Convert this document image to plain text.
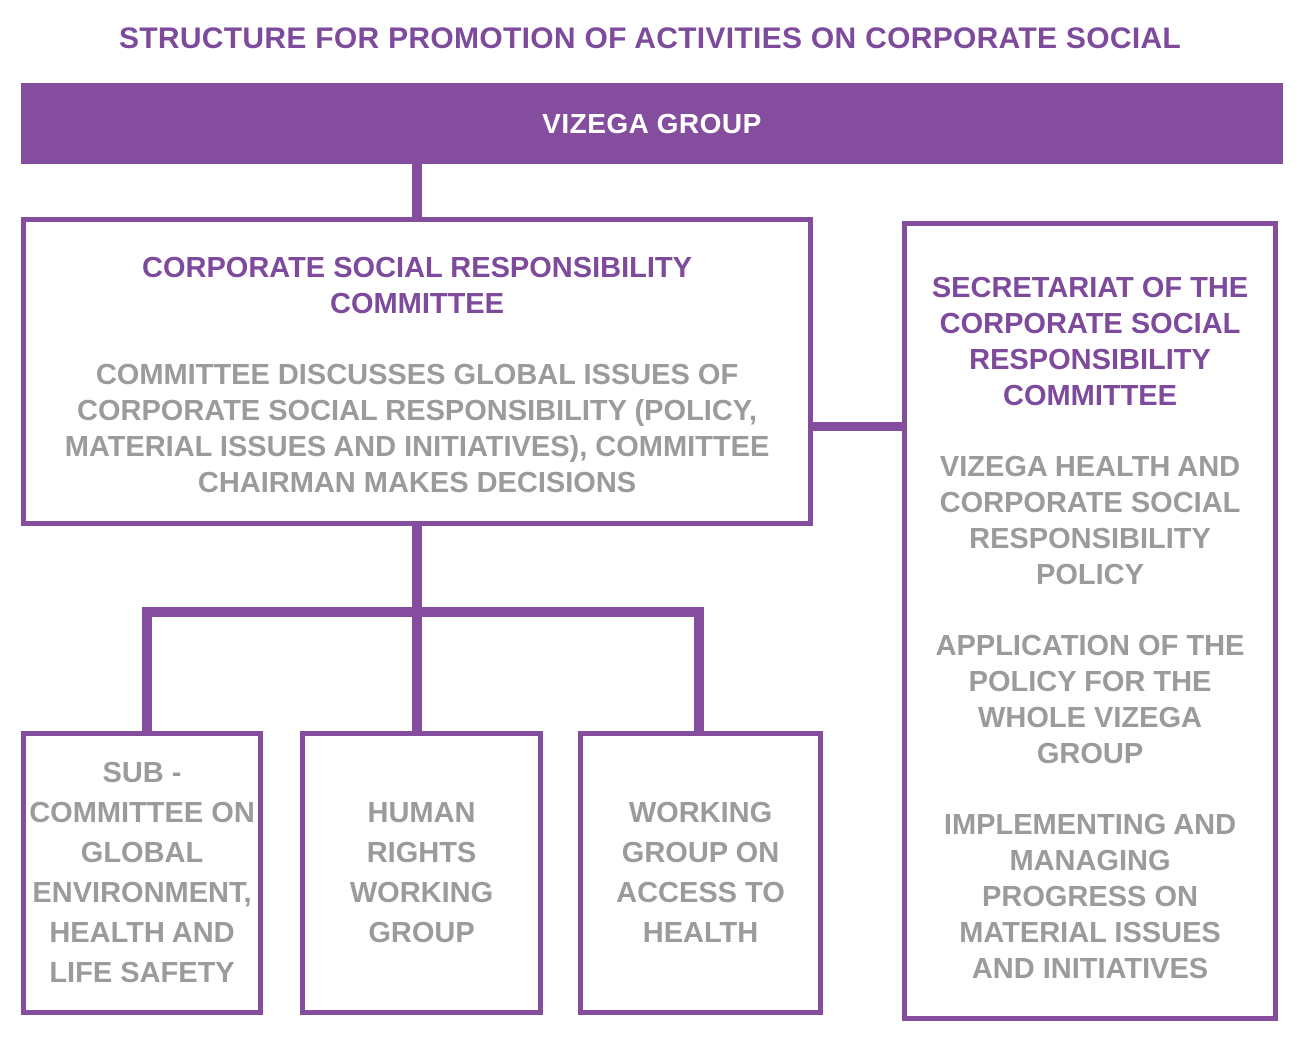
STRUCTURE FOR PROMOTION OF ACTIVITIES ON CORPORATE SOCIAL
VIZEGA GROUP
CORPORATE SOCIAL RESPONSIBILITY COMMITTEE
COMMITTEE DISCUSSES GLOBAL ISSUES OF CORPORATE SOCIAL RESPONSIBILITY (POLICY, MATERIAL ISSUES AND INITIATIVES), COMMITTEE CHAIRMAN MAKES DECISIONS
SECRETARIAT OF THE CORPORATE SOCIAL RESPONSIBILITY COMMITTEE
VIZEGA HEALTH AND CORPORATE SOCIAL RESPONSIBILITY POLICY
APPLICATION OF THE POLICY FOR THE WHOLE VIZEGA GROUP
IMPLEMENTING AND MANAGING PROGRESS ON MATERIAL ISSUES AND INITIATIVES
SUB - COMMITTEE ON GLOBAL ENVIRONMENT, HEALTH AND LIFE SAFETY
HUMAN RIGHTS WORKING GROUP
WORKING GROUP ON ACCESS TO HEALTH
